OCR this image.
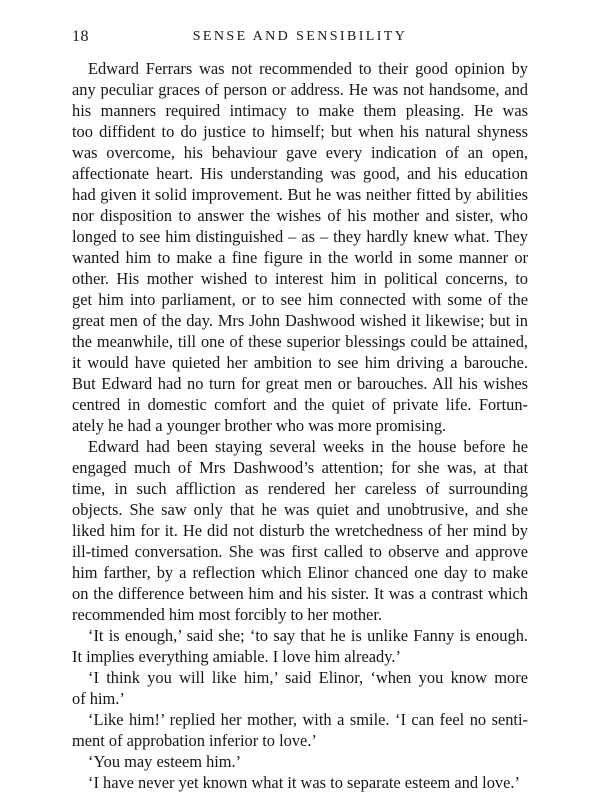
18	SENSE AND SENSIBILITY
Edward Ferrars was not recommended to their good opinion by
any peculiar graces of person or address. He was not handsome, and
his manners required intimacy to make them pleasing. He was
too diffident to do justice to himself; but when his natural shyness
was overcome, his behaviour gave every indication of an open,
affectionate heart. His understanding was good, and his education
had given it solid improvement. But he was neither fitted by abilities
nor disposition to answer the wishes of his mother and sister, who
longed to see him distinguished – as – they hardly knew what. They
wanted him to make a fine figure in the world in some manner or
other. His mother wished to interest him in political concerns, to
get him into parliament, or to see him connected with some of the
great men of the day. Mrs John Dashwood wished it likewise; but in
the meanwhile, till one of these superior blessings could be attained,
it would have quieted her ambition to see him driving a barouche.
But Edward had no turn for great men or barouches. All his wishes
centred in domestic comfort and the quiet of private life. Fortun-
ately he had a younger brother who was more promising.
Edward had been staying several weeks in the house before he
engaged much of Mrs Dashwood’s attention; for she was, at that
time, in such affliction as rendered her careless of surrounding
objects. She saw only that he was quiet and unobtrusive, and she
liked him for it. He did not disturb the wretchedness of her mind by
ill-timed conversation. She was first called to observe and approve
him farther, by a reflection which Elinor chanced one day to make
on the difference between him and his sister. It was a contrast which
recommended him most forcibly to her mother.
‘It is enough,’ said she; ‘to say that he is unlike Fanny is enough.
It implies everything amiable. I love him already.’
‘I think you will like him,’ said Elinor, ‘when you know more
of him.’
‘Like him!’ replied her mother, with a smile. ‘I can feel no senti-
ment of approbation inferior to love.’
‘You may esteem him.’
‘I have never yet known what it was to separate esteem and love.’
